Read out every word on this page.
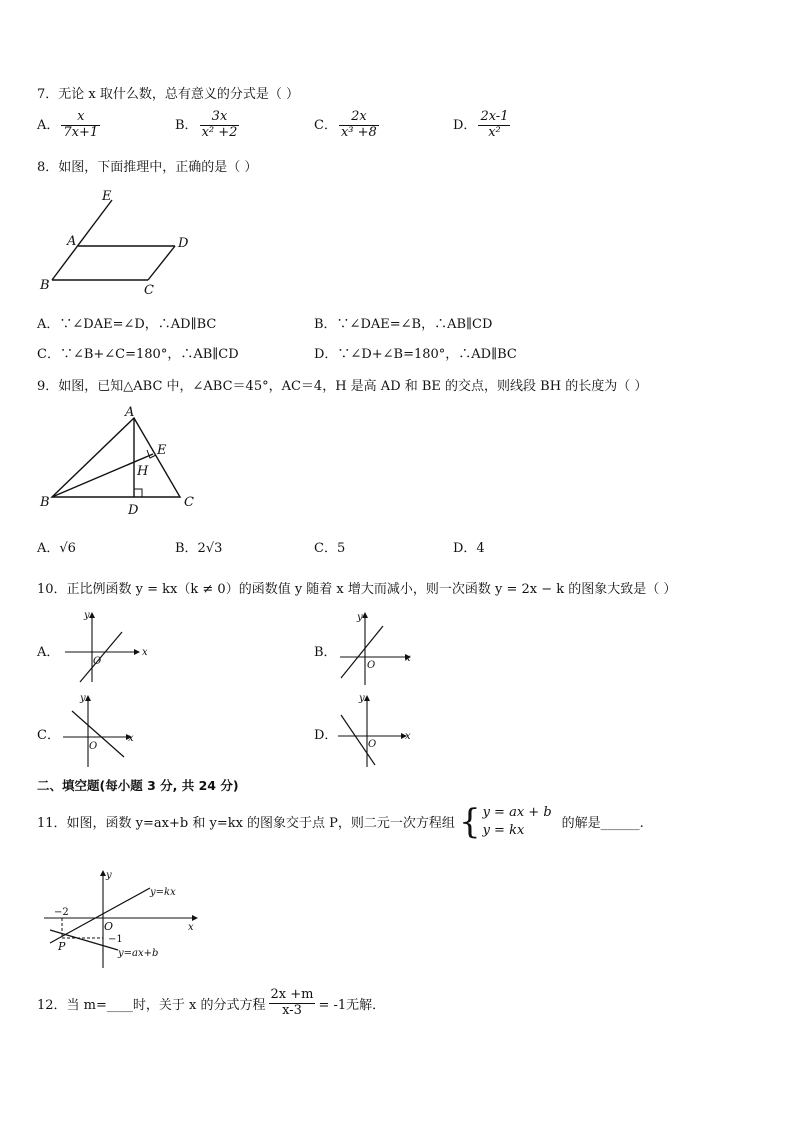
7．无论 x 取什么数，总有意义的分式是（ ）
A． $\frac{x}{7x+1}$	B． $\frac{3x}{\text{x² +2}}$	C． $\frac{2x}{\text{x³ +8}}$	D． $\frac{2x-1}{\text{x²}}$
8．如图，下面推理中，正确的是（ ）
E
A	D
B	C
A．∵∠DAE=∠D，∴AD∥BC	B．∵∠DAE=∠B，∴AB∥CD
C．∵∠B+∠C=180°，∴AB∥CD	D．∵∠D+∠B=180°，∴AD∥BC
9．如图，已知△ABC 中，∠ABC＝45°，AC＝4，H 是高 AD 和 BE 的交点，则线段 BH 的长度为（ ）
A
E
H
B
D
C
A．√6	B．2√3	C．5	D．4
10．正比例函数 y = kx（k ≠ 0）的函数值 y 随着 x 增大而减小，则一次函数 y = 2x − k 的图象大致是（ ）
A．	x
y
O
B．	x
y
O
C．	x
y
O
D．	x
y
O
二、填空题(每小题 3 分, 共 24 分)
11．如图，函数 y=ax+b 和 y=kx 的图象交于点 P，则二元一次方程组 { y = ax + b
y = kx	的解是______.
y
x
O
−2
−1
P
y=kx
y=ax+b
12．当 m=____时，关于 x 的分式方程 $\frac{2x +m}{x-3} = -1$无解．
